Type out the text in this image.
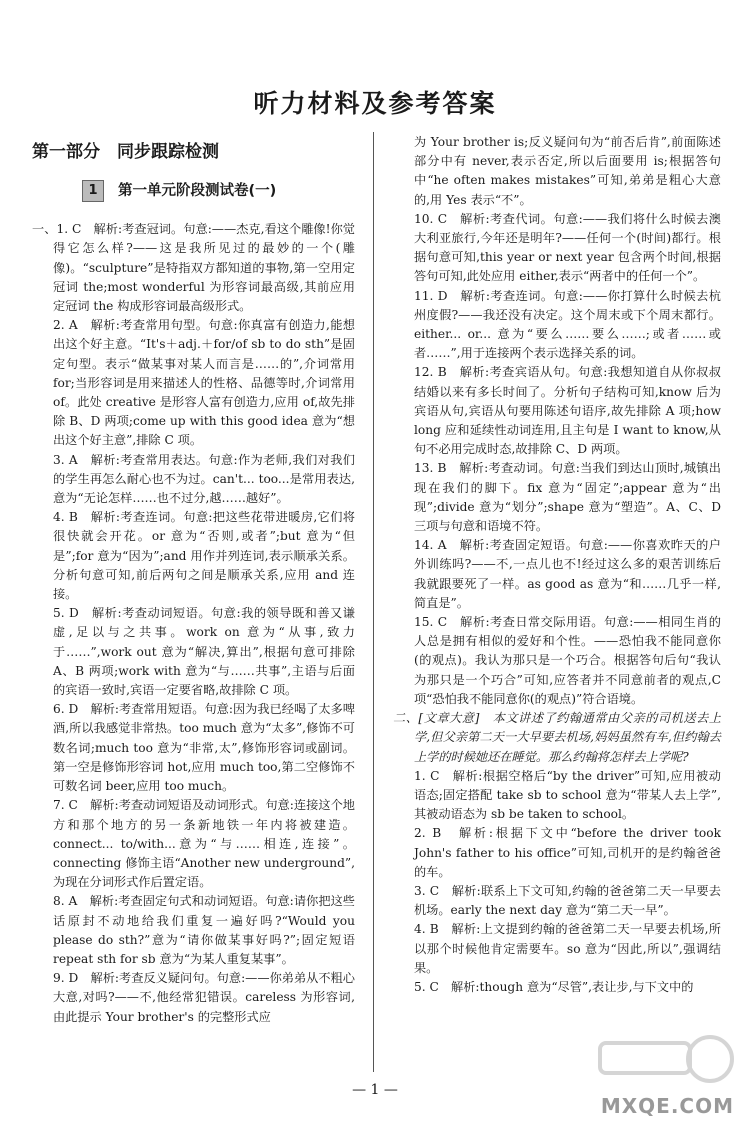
听力材料及参考答案
第一部分　同步跟踪检测
1	第一单元阶段测试卷(一)

一、1. C　解析:考查冠词。句意:——杰克,看这个雕像!你觉得它怎么样?——这是我所见过的最妙的一个(雕像)。“sculpture”是特指双方都知道的事物,第一空用定冠词 the;most wonderful 为形容词最高级,其前应用定冠词 the 构成形容词最高级形式。

2. A　解析:考查常用句型。句意:你真富有创造力,能想出这个好主意。“It's＋adj.＋for/of sb to do sth”是固定句型。表示“做某事对某人而言是……的”,介词常用 for;当形容词是用来描述人的性格、品德等时,介词常用 of。此处 creative 是形容人富有创造力,应用 of,故先排除 B、D 两项;come up with this good idea 意为“想出这个好主意”,排除 C 项。

3. A　解析:考查常用表达。句意:作为老师,我们对我们的学生再怎么耐心也不为过。can't... too...是常用表达,意为“无论怎样……也不过分,越……越好”。

4. B　解析:考查连词。句意:把这些花带进暖房,它们将很快就会开花。or 意为“否则,或者”;but 意为“但是”;for 意为“因为”;and 用作并列连词,表示顺承关系。分析句意可知,前后两句之间是顺承关系,应用 and 连接。

5. D　解析:考查动词短语。句意:我的领导既和善又谦虚,足以与之共事。work on 意为“从事,致力于……”,work out 意为“解决,算出”,根据句意可排除 A、B 两项;work with 意为“与……共事”,主语与后面的宾语一致时,宾语一定要省略,故排除 C 项。

6. D　解析:考查常用短语。句意:因为我已经喝了太多啤酒,所以我感觉非常热。too much 意为“太多”,修饰不可数名词;much too 意为“非常,太”,修饰形容词或副词。第一空是修饰形容词 hot,应用 much too,第二空修饰不可数名词 beer,应用 too much。

7. C　解析:考查动词短语及动词形式。句意:连接这个地方和那个地方的另一条新地铁一年内将被建造。connect... to/with...意为“与……相连,连接”。connecting 修饰主语“Another new underground”,为现在分词形式作后置定语。

8. A　解析:考查固定句式和动词短语。句意:请你把这些话原封不动地给我们重复一遍好吗?“Would you please do sth?”意为“请你做某事好吗?”;固定短语 repeat sth for sb 意为“为某人重复某事”。

9. D　解析:考查反义疑问句。句意:——你弟弟从不粗心大意,对吗?——不,他经常犯错误。careless 为形容词,由此提示 Your brother's 的完整形式应

为 Your brother is;反义疑问句为“前否后肯”,前面陈述部分中有 never,表示否定,所以后面要用 is;根据答句中“he often makes mistakes”可知,弟弟是粗心大意的,用 Yes 表示“不”。

10. C　解析:考查代词。句意:——我们将什么时候去澳大利亚旅行,今年还是明年?——任何一个(时间)都行。根据句意可知,this year or next year 包含两个时间,根据答句可知,此处应用 either,表示“两者中的任何一个”。

11. D　解析:考查连词。句意:——你打算什么时候去杭州度假?——我还没有决定。这个周末或下个周末都行。either... or... 意为“要么……要么……;或者……或者……”,用于连接两个表示选择关系的词。

12. B　解析:考查宾语从句。句意:我想知道自从你叔叔结婚以来有多长时间了。分析句子结构可知,know 后为宾语从句,宾语从句要用陈述句语序,故先排除 A 项;how long 应和延续性动词连用,且主句是 I want to know,从句不必用完成时态,故排除 C、D 两项。

13. B　解析:考查动词。句意:当我们到达山顶时,城镇出现在我们的脚下。fix 意为“固定”;appear 意为“出现”;divide 意为“划分”;shape 意为“塑造”。A、C、D 三项与句意和语境不符。

14. A　解析:考查固定短语。句意:——你喜欢昨天的户外训练吗?——不,一点儿也不!经过这么多的艰苦训练后我就跟要死了一样。as good as 意为“和……几乎一样,简直是”。

15. C　解析:考查日常交际用语。句意:——相同生肖的人总是拥有相似的爱好和个性。——恐怕我不能同意你(的观点)。我认为那只是一个巧合。根据答句后句“我认为那只是一个巧合”可知,应答者并不同意前者的观点,C 项“恐怕我不能同意你(的观点)”符合语境。

二、[文章大意]　本文讲述了约翰通常由父亲的司机送去上学,但父亲第二天一大早要去机场,妈妈虽然有车,但约翰去上学的时候她还在睡觉。那么约翰将怎样去上学呢?

1. C　解析:根据空格后“by the driver”可知,应用被动语态;固定搭配 take sb to school 意为“带某人去上学”,其被动语态为 sb be taken to school。

2. B　解析:根据下文中“before the driver took John's father to his office”可知,司机开的是约翰爸爸的车。

3. C　解析:联系上下文可知,约翰的爸爸第二天一早要去机场。early the next day 意为“第二天一早”。

4. B　解析:上文提到约翰的爸爸第二天一早要去机场,所以那个时候他肯定需要车。so 意为“因此,所以”,强调结果。

5. C　解析:though 意为“尽管”,表让步,与下文中的

— 1 —
MXQE.COM
